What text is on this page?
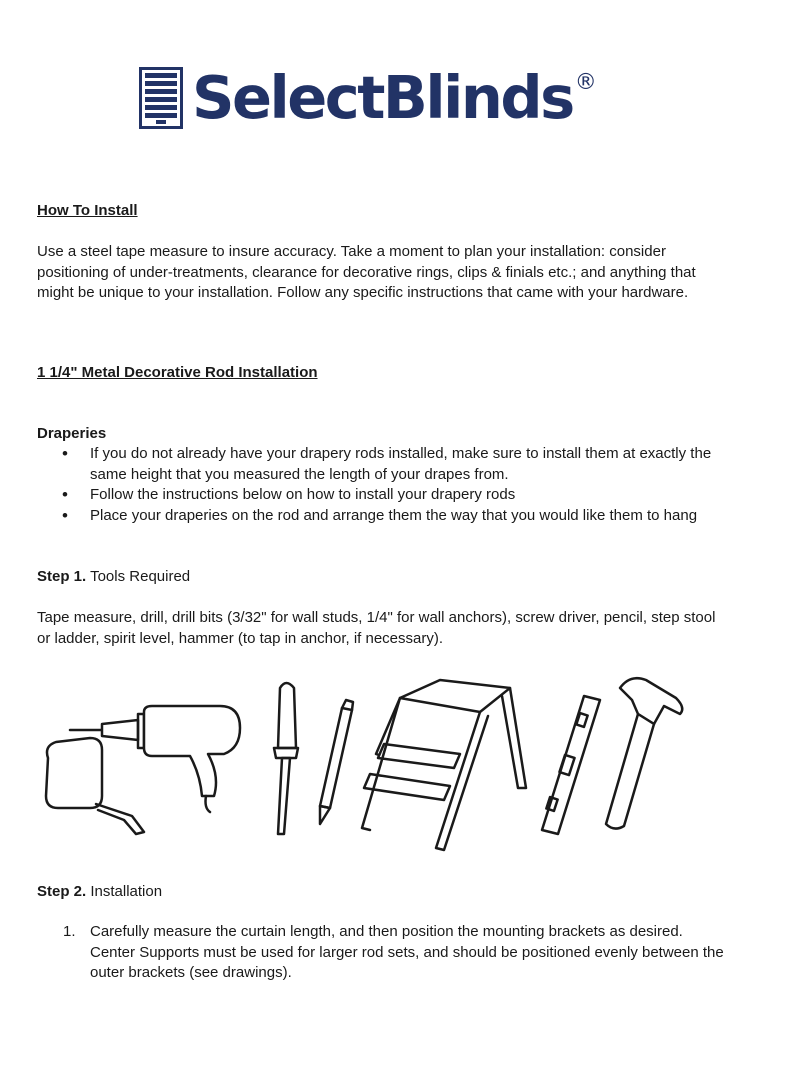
SelectBlinds ®

How To Install

Use a steel tape measure to insure accuracy. Take a moment to plan your installation: consider
positioning of under-treatments, clearance for decorative rings, clips & finials etc.; and anything that
might be unique to your installation. Follow any specific instructions that came with your hardware.

1 1/4" Metal Decorative Rod Installation

Draperies

• If you do not already have your drapery rods installed, make sure to install them at exactly the same height that you measured the length of your drapes from.
• Follow the instructions below on how to install your drapery rods
• Place your draperies on the rod and arrange them the way that you would like them to hang

Step 1. Tools Required

Tape measure, drill, drill bits (3/32" for wall studs, 1/4" for wall anchors), screw driver, pencil, step stool
or ladder, spirit level, hammer (to tap in anchor, if necessary).

Step 2. Installation

1. Carefully measure the curtain length, and then position the mounting brackets as desired.
Center Supports must be used for larger rod sets, and should be positioned evenly between the
outer brackets (see drawings).
